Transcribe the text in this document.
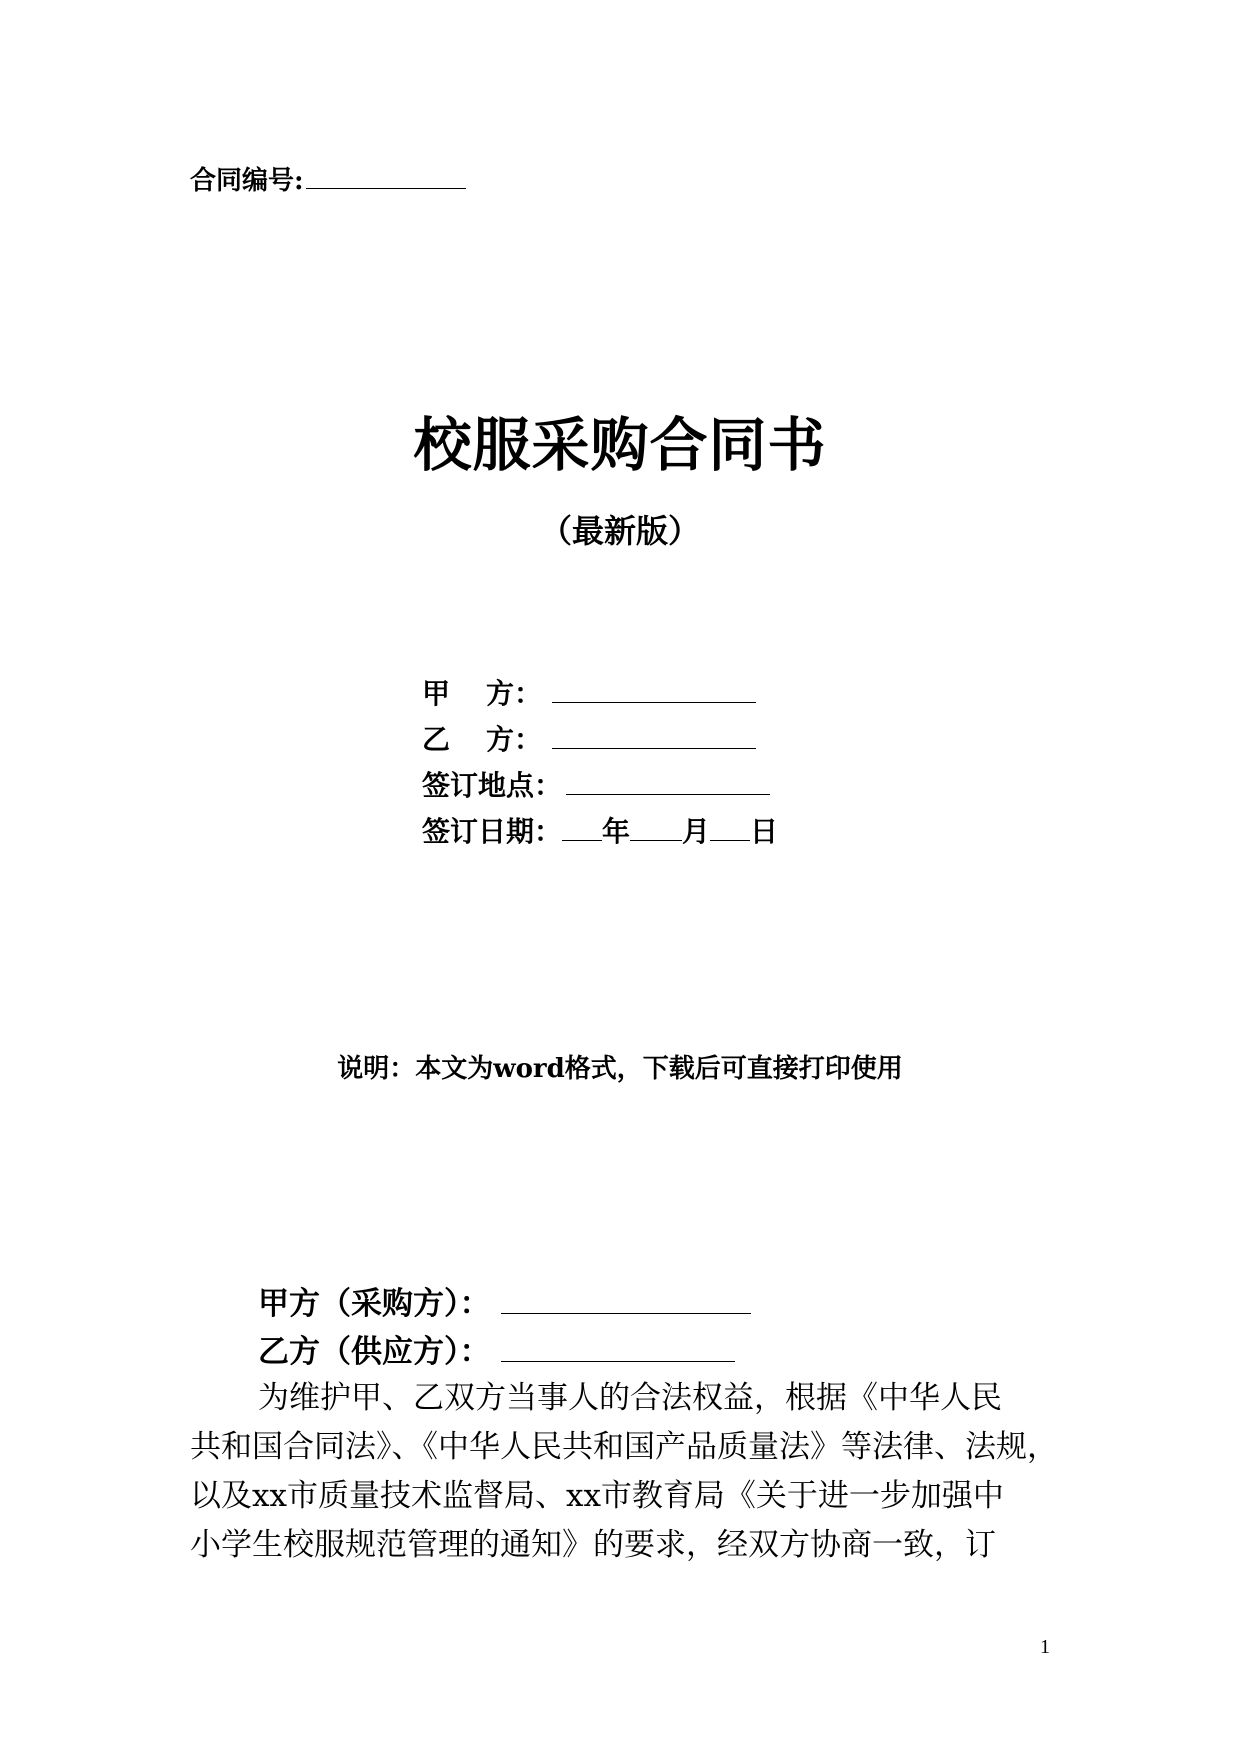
合同编号:
校服采购合同书
（最新版）
甲 方：
乙 方：
签订地点：
签订日期： 年 月 日
说明：本文为word格式，下载后可直接打印使用
甲方（采购方）：
乙方（供应方）：
为维护甲、乙双方当事人的合法权益，根据《中华人民
共和国合同法》、《中华人民共和国产品质量法》等法律、法规，
以及xx市质量技术监督局、xx市教育局《关于进一步加强中
小学生校服规范管理的通知》的要求，经双方协商一致，订
1
